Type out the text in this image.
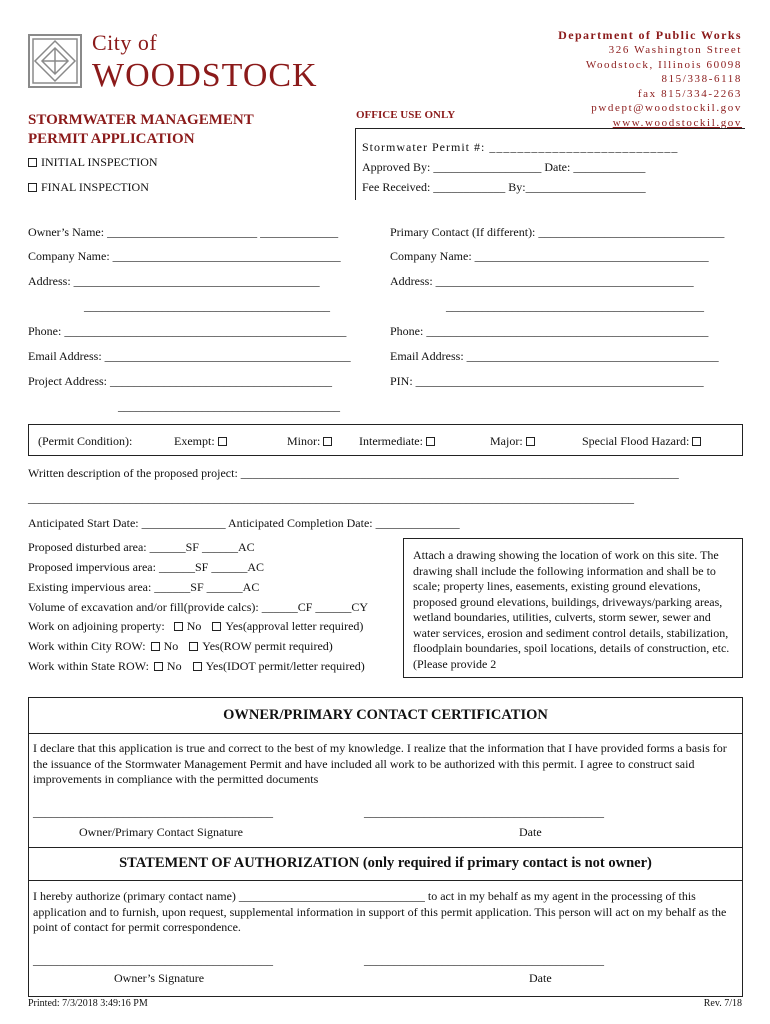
City of
WOODSTOCK
Department of Public Works
326 Washington Street
Woodstock, Illinois 60098
815/338-6118
fax 815/334-2263
pwdept@woodstockil.gov
www.woodstockil.gov
STORMWATER MANAGEMENT
PERMIT APPLICATION
OFFICE USE ONLY
INITIAL INSPECTION
FINAL INSPECTION
Stormwater Permit #: ___________________________
Approved By: __________________ Date: ____________
Fee Received: ____________ By:____________________
Owner’s Name: _________________________ _____________	Primary Contact (If different): _______________________________
Company Name: ______________________________________	Company Name: _______________________________________
Address: _________________________________________	Address: ___________________________________________
_________________________________________	___________________________________________
Phone: _______________________________________________	Phone: _______________________________________________
Email Address: _________________________________________	Email Address: __________________________________________
Project Address: _____________________________________	PIN: ________________________________________________
_____________________________________
(Permit Condition):	Exempt:	Minor:	Intermediate:	Major:	Special Flood Hazard:
Written description of the proposed project: _________________________________________________________________________
_____________________________________________________________________________________________________
Anticipated Start Date: ______________ Anticipated Completion Date: ______________
Proposed disturbed area: ______SF ______AC
Proposed impervious area: ______SF ______AC
Existing impervious area: ______SF ______AC
Volume of excavation and/or fill(provide calcs): ______CF ______CY
Work on adjoining property: No Yes(approval letter required)
Work within City ROW: No Yes(ROW permit required)
Work within State ROW: No Yes(IDOT permit/letter required)
Attach a drawing showing the location of work on this site. The drawing shall include the following information and shall be to scale; property lines, easements, existing ground elevations, proposed ground elevations, buildings, driveways/parking areas, wetland boundaries, utilities, culverts, storm sewer, sewer and water services, erosion and sediment control details, stabilization, floodplain boundaries, spoil locations, details of construction, etc. (Please provide 2
OWNER/PRIMARY CONTACT CERTIFICATION
I declare that this application is true and correct to the best of my knowledge. I realize that the information that I have provided forms a basis for the issuance of the Stormwater Management Permit and have included all work to be authorized with this permit. I agree to construct said improvements in compliance with the permitted documents
________________________________________	________________________________________
Owner/Primary Contact Signature	Date
STATEMENT OF AUTHORIZATION (only required if primary contact is not owner)
I hereby authorize (primary contact name) _______________________________ to act in my behalf as my agent in the processing of this application and to furnish, upon request, supplemental information in support of this permit application. This person will act on my behalf as the point of contact for permit correspondence.
________________________________________	________________________________________
Owner’s Signature	Date
Printed: 7/3/2018 3:49:16 PM	Rev. 7/18
